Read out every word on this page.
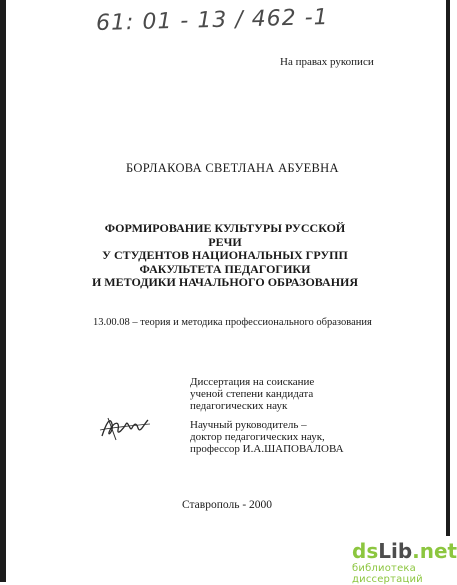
61: 01 - 13 / 462 -1
На правах рукописи
БОРЛАКОВА СВЕТЛАНА АБУЕВНА
ФОРМИРОВАНИЕ КУЛЬТУРЫ РУССКОЙ РЕЧИ
У СТУДЕНТОВ НАЦИОНАЛЬНЫХ ГРУПП
ФАКУЛЬТЕТА ПЕДАГОГИКИ
И МЕТОДИКИ НАЧАЛЬНОГО ОБРАЗОВАНИЯ
13.00.08 – теория и методика профессионального образования
Диссертация на соискание
ученой степени кандидата
педагогических наук
Научный руководитель –
доктор педагогических наук,
профессор И.А.ШАПОВАЛОВА
Ставрополь - 2000
dsLib.net
библиотека диссертаций
